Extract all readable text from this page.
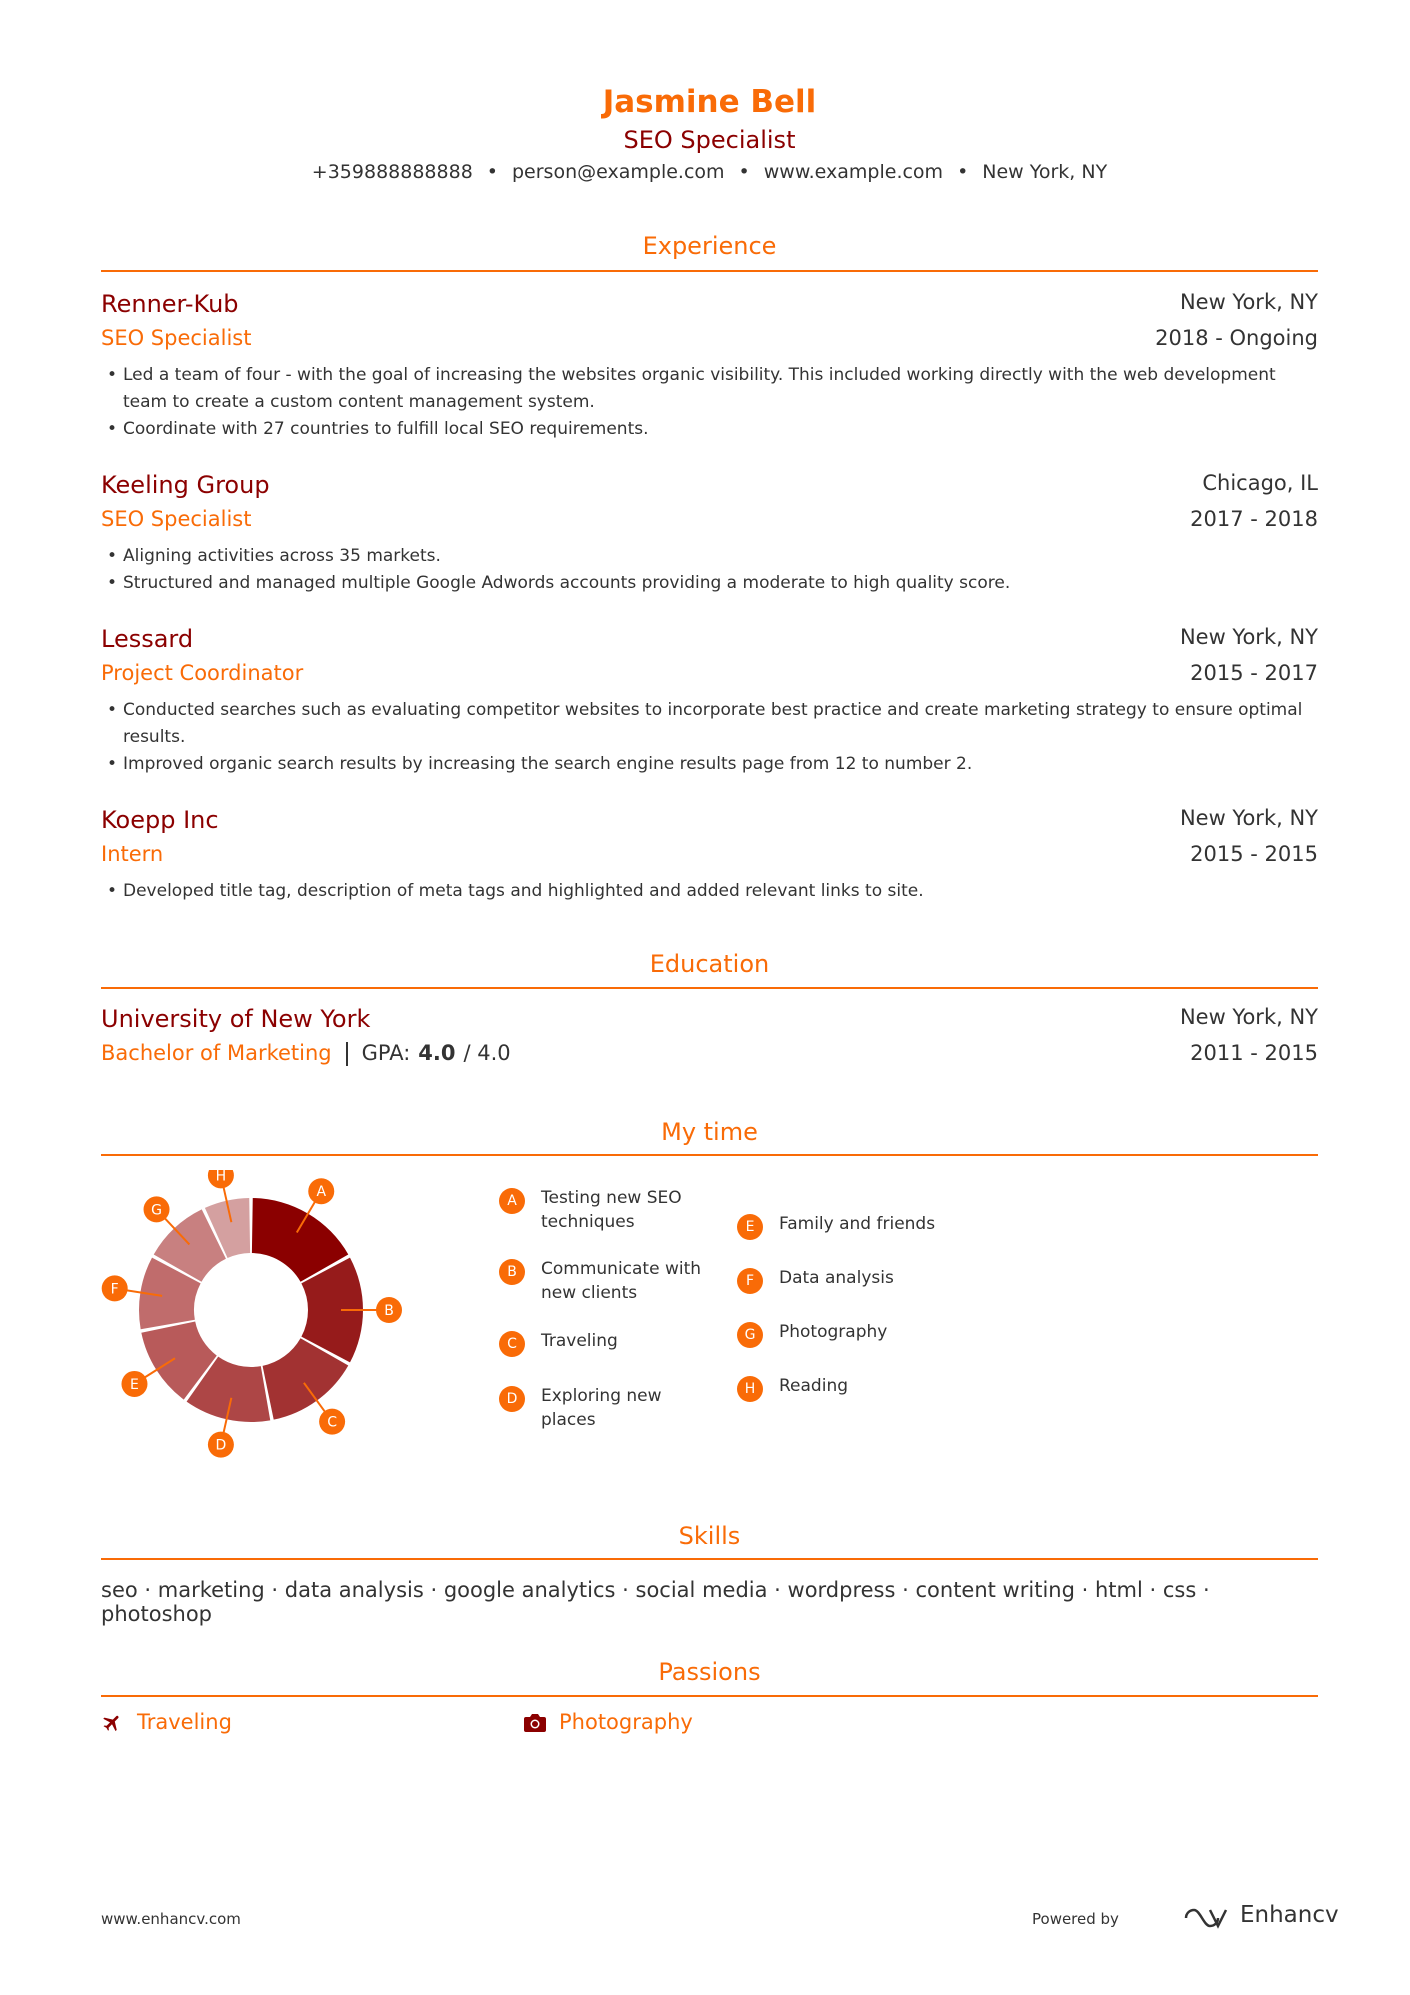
Jasmine Bell
SEO Specialist
+359888888888 • person@example.com • www.example.com • New York, NY
Experience
Renner-Kub	New York, NY
SEO Specialist	2018 - Ongoing
• Led a team of four - with the goal of increasing the websites organic visibility. This included working directly with the web development team to create a custom content management system.
• Coordinate with 27 countries to fulfill local SEO requirements.
Keeling Group	Chicago, IL
SEO Specialist	2017 - 2018
• Aligning activities across 35 markets.
• Structured and managed multiple Google Adwords accounts providing a moderate to high quality score.
Lessard	New York, NY
Project Coordinator	2015 - 2017
• Conducted searches such as evaluating competitor websites to incorporate best practice and create marketing strategy to ensure optimal results.
• Improved organic search results by increasing the search engine results page from 12 to number 2.
Koepp Inc	New York, NY
Intern	2015 - 2015
• Developed title tag, description of meta tags and highlighted and added relevant links to site.
Education
University of New York	New York, NY
Bachelor of Marketing GPA: 4.0 / 4.0	2011 - 2015
My time
A
B
C
D
E
F
G
H
A	Testing new SEO techniques
B	Communicate with new clients
C	Traveling
D	Exploring new places
E	Family and friends
F	Data analysis
G	Photography
H	Reading
Skills
seo · marketing · data analysis · google analytics · social media · wordpress · content writing · html · css · photoshop
Passions
Traveling	Photography
www.enhancv.com	Powered by	Enhancv
